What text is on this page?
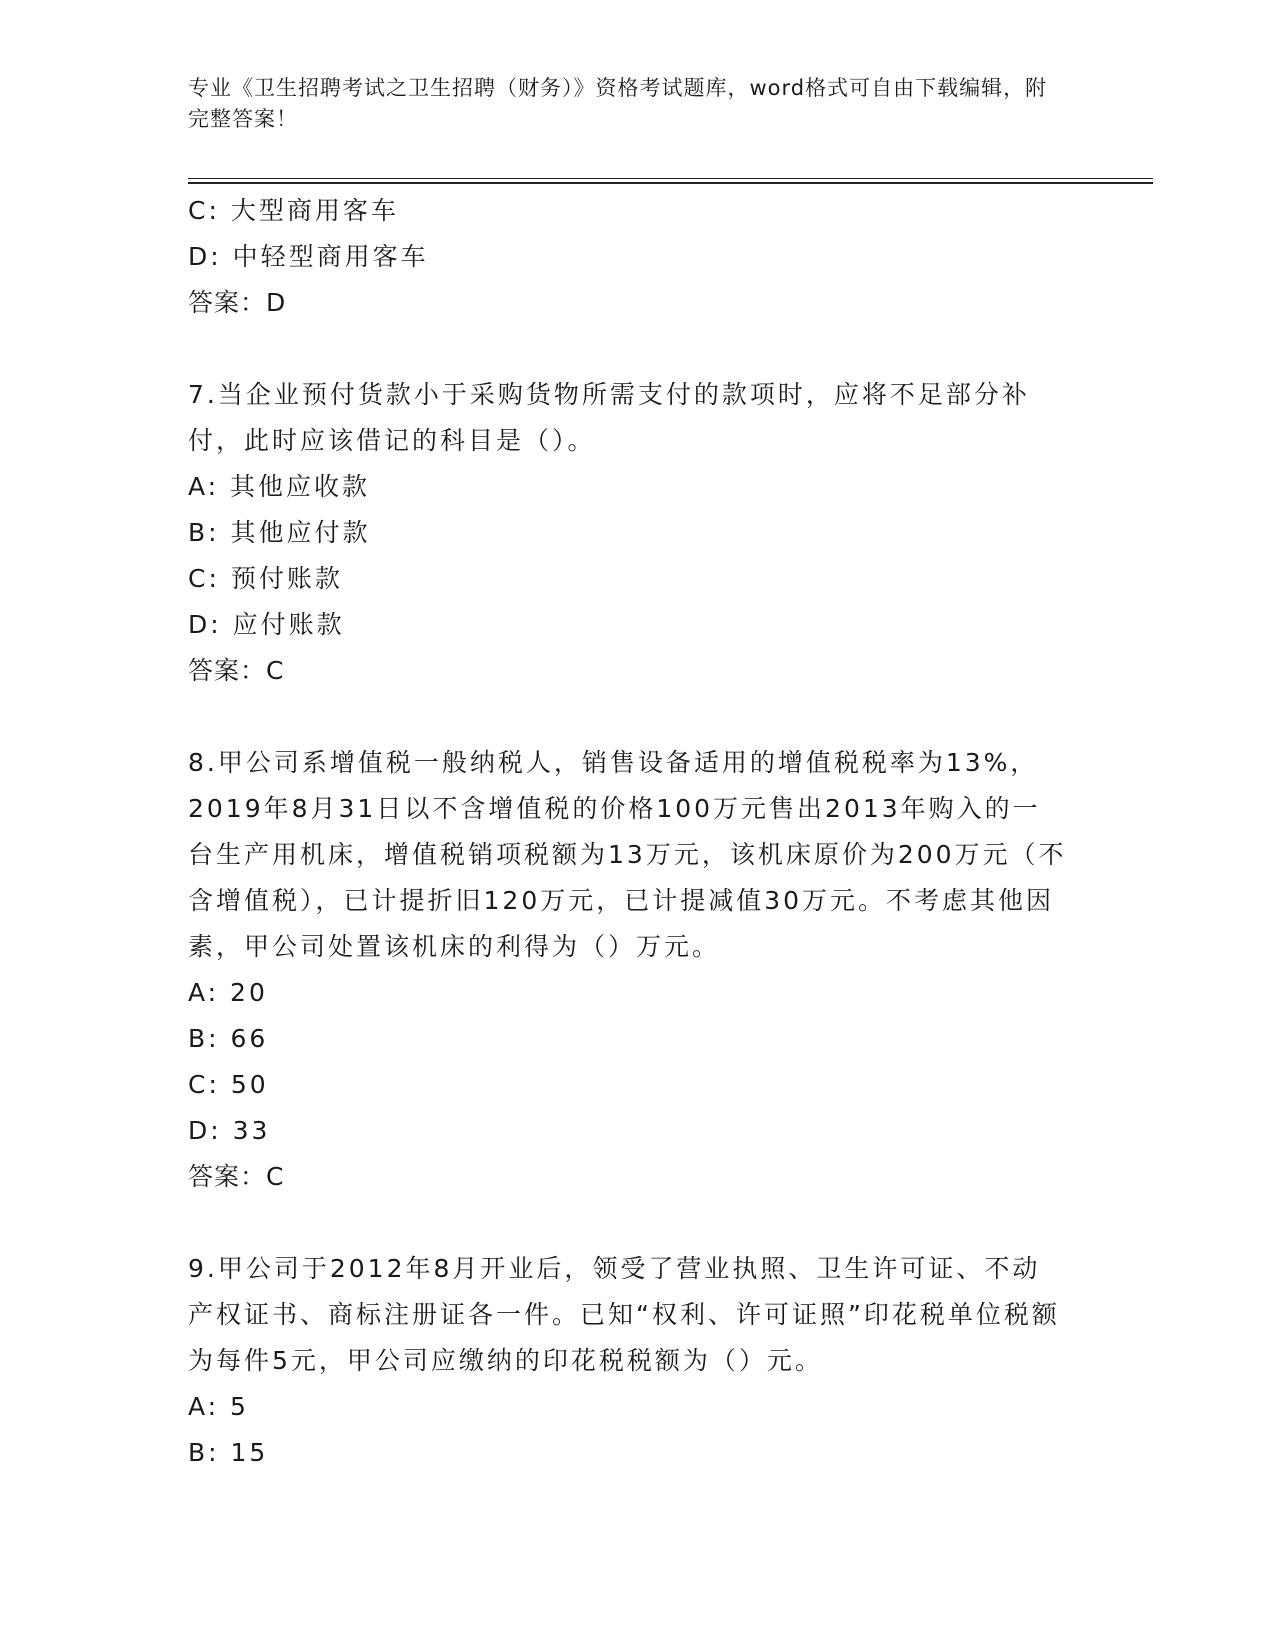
专业《卫生招聘考试之卫生招聘（财务）》资格考试题库，word格式可自由下载编辑，附完整答案！
C: 大型商用客车
D: 中轻型商用客车
答案：D
7.当企业预付货款小于采购货物所需支付的款项时，应将不足部分补付，此时应该借记的科目是（）。
A: 其他应收款
B: 其他应付款
C: 预付账款
D: 应付账款
答案：C
8.甲公司系增值税一般纳税人，销售设备适用的增值税税率为13%，2019年8月31日以不含增值税的价格100万元售出2013年购入的一台生产用机床，增值税销项税额为13万元，该机床原价为200万元（不含增值税），已计提折旧120万元，已计提减值30万元。不考虑其他因素，甲公司处置该机床的利得为（）万元。
A: 20
B: 66
C: 50
D: 33
答案：C
9.甲公司于2012年8月开业后，领受了营业执照、卫生许可证、不动产权证书、商标注册证各一件。已知“权利、许可证照”印花税单位税额为每件5元，甲公司应缴纳的印花税税额为（）元。
A: 5
B: 15
